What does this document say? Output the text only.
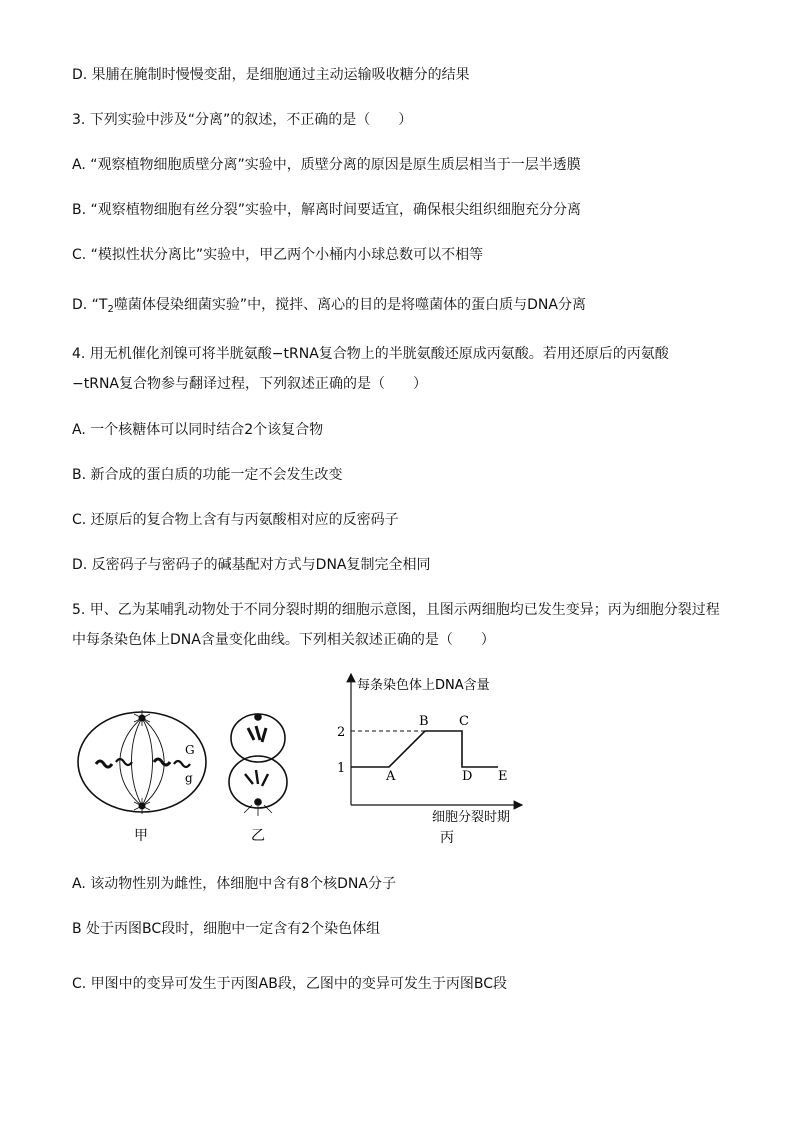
D. 果脯在腌制时慢慢变甜，是细胞通过主动运输吸收糖分的结果
3. 下列实验中涉及“分离”的叙述，不正确的是（　　）
A. “观察植物细胞质壁分离”实验中，质壁分离的原因是原生质层相当于一层半透膜
B. “观察植物细胞有丝分裂”实验中，解离时间要适宜，确保根尖组织细胞充分分离
C. “模拟性状分离比”实验中，甲乙两个小桶内小球总数可以不相等
D. “$T_2$噬菌体侵染细菌实验”中，搅拌、离心的目的是将噬菌体的蛋白质与DNA分离
4. 用无机催化剂镍可将半胱氨酸−tRNA复合物上的半胱氨酸还原成丙氨酸。若用还原后的丙氨酸
−tRNA复合物参与翻译过程，下列叙述正确的是（　　）
A. 一个核糖体可以同时结合2个该复合物
B. 新合成的蛋白质的功能一定不会发生改变
C. 还原后的复合物上含有与丙氨酸相对应的反密码子
D. 反密码子与密码子的碱基配对方式与DNA复制完全相同
5. 甲、乙为某哺乳动物处于不同分裂时期的细胞示意图，且图示两细胞均已发生变异；丙为细胞分裂过程
中每条染色体上DNA含量变化曲线。下列相关叙述正确的是（　　）
G
g
甲	乙
每条染色体上DNA含量
细胞分裂时期
丙
2
1
A
B C
D E
A. 该动物性别为雌性，体细胞中含有8个核DNA分子
B 处于丙图BC段时，细胞中一定含有2个染色体组
C. 甲图中的变异可发生于丙图AB段，乙图中的变异可发生于丙图BC段
